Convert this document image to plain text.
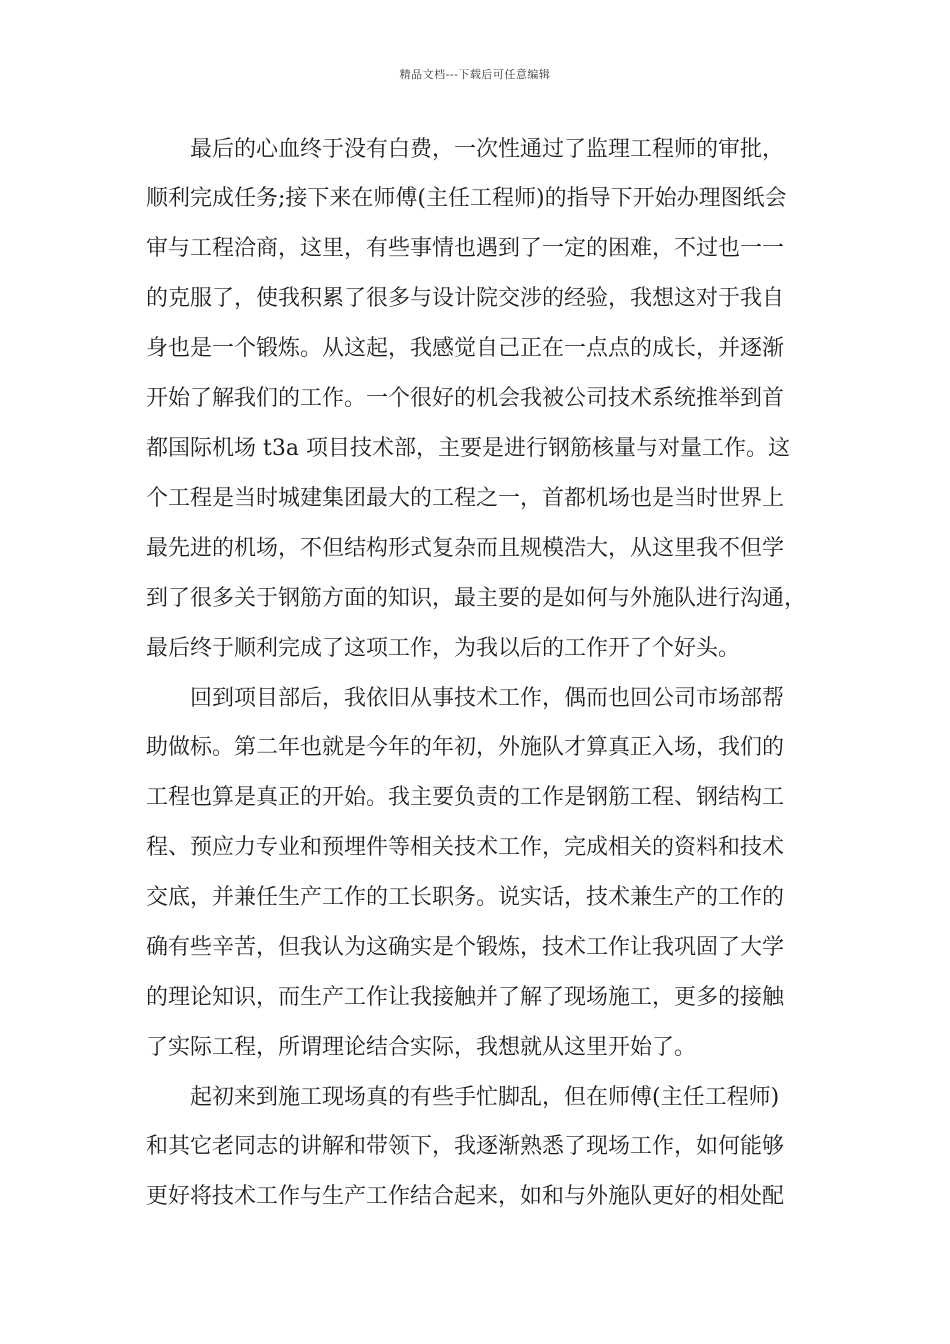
精品文档---下载后可任意编辑
最后的心血终于没有白费，一次性通过了监理工程师的审批，
顺利完成任务;接下来在师傅(主任工程师)的指导下开始办理图纸会
审与工程洽商，这里，有些事情也遇到了一定的困难，不过也一一
的克服了，使我积累了很多与设计院交涉的经验，我想这对于我自
身也是一个锻炼。从这起，我感觉自己正在一点点的成长，并逐渐
开始了解我们的工作。一个很好的机会我被公司技术系统推举到首
都国际机场 t3a 项目技术部，主要是进行钢筋核量与对量工作。这
个工程是当时城建集团最大的工程之一，首都机场也是当时世界上
最先进的机场，不但结构形式复杂而且规模浩大，从这里我不但学
到了很多关于钢筋方面的知识，最主要的是如何与外施队进行沟通，
最后终于顺利完成了这项工作，为我以后的工作开了个好头。
回到项目部后，我依旧从事技术工作，偶而也回公司市场部帮
助做标。第二年也就是今年的年初，外施队才算真正入场，我们的
工程也算是真正的开始。我主要负责的工作是钢筋工程、钢结构工
程、预应力专业和预埋件等相关技术工作，完成相关的资料和技术
交底，并兼任生产工作的工长职务。说实话，技术兼生产的工作的
确有些辛苦，但我认为这确实是个锻炼，技术工作让我巩固了大学
的理论知识，而生产工作让我接触并了解了现场施工，更多的接触
了实际工程，所谓理论结合实际，我想就从这里开始了。
起初来到施工现场真的有些手忙脚乱，但在师傅(主任工程师)
和其它老同志的讲解和带领下，我逐渐熟悉了现场工作，如何能够
更好将技术工作与生产工作结合起来，如和与外施队更好的相处配
